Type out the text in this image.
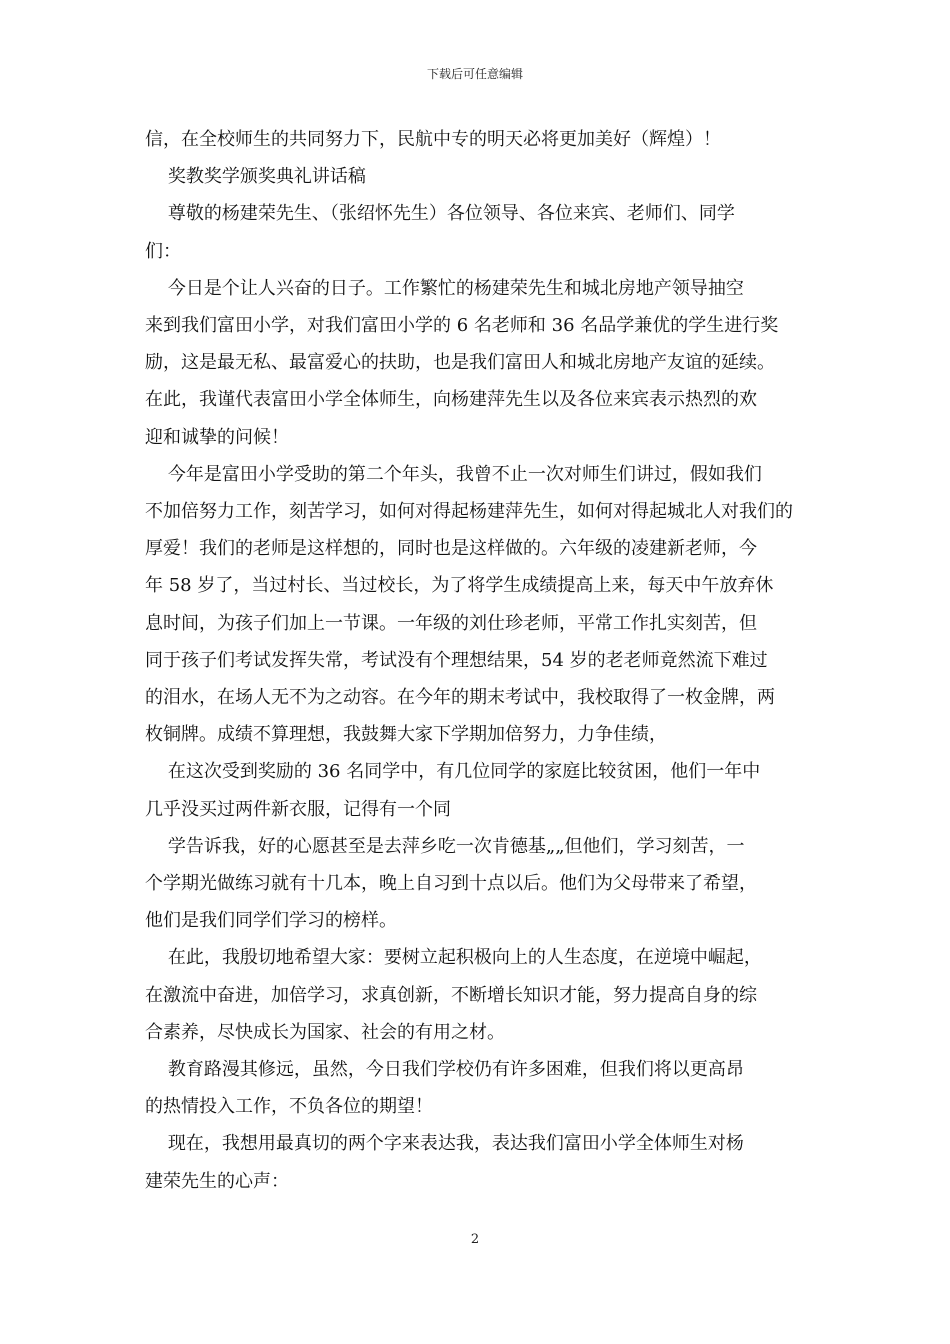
下载后可任意编辑

信，在全校师生的共同努力下，民航中专的明天必将更加美好（辉煌）！

奖教奖学颁奖典礼讲话稿

尊敬的杨建荣先生、（张绍怀先生）各位领导、各位来宾、老师们、同学

们：

今日是个让人兴奋的日子。工作繁忙的杨建荣先生和城北房地产领导抽空

来到我们富田小学，对我们富田小学的 6 名老师和 36 名品学兼优的学生进行奖

励，这是最无私、最富爱心的扶助，也是我们富田人和城北房地产友谊的延续。

在此，我谨代表富田小学全体师生，向杨建萍先生以及各位来宾表示热烈的欢

迎和诚挚的问候！

今年是富田小学受助的第二个年头，我曾不止一次对师生们讲过，假如我们

不加倍努力工作，刻苦学习，如何对得起杨建萍先生，如何对得起城北人对我们的

厚爱！我们的老师是这样想的，同时也是这样做的。六年级的凌建新老师，今

年 58 岁了，当过村长、当过校长，为了将学生成绩提高上来，每天中午放弃休

息时间，为孩子们加上一节课。一年级的刘仕珍老师，平常工作扎实刻苦，但

同于孩子们考试发挥失常，考试没有个理想结果，54 岁的老老师竟然流下难过

的泪水，在场人无不为之动容。在今年的期末考试中，我校取得了一枚金牌，两

枚铜牌。成绩不算理想，我鼓舞大家下学期加倍努力，力争佳绩，

在这次受到奖励的 36 名同学中，有几位同学的家庭比较贫困，他们一年中

几乎没买过两件新衣服，记得有一个同

学告诉我，好的心愿甚至是去萍乡吃一次肯德基„„但他们，学习刻苦，一

个学期光做练习就有十几本，晚上自习到十点以后。他们为父母带来了希望，

他们是我们同学们学习的榜样。

在此，我殷切地希望大家：要树立起积极向上的人生态度，在逆境中崛起，

在激流中奋进，加倍学习，求真创新，不断增长知识才能，努力提高自身的综

合素养，尽快成长为国家、社会的有用之材。

教育路漫其修远，虽然，今日我们学校仍有许多困难，但我们将以更高昂

的热情投入工作，不负各位的期望！

现在，我想用最真切的两个字来表达我，表达我们富田小学全体师生对杨

建荣先生的心声：

2
